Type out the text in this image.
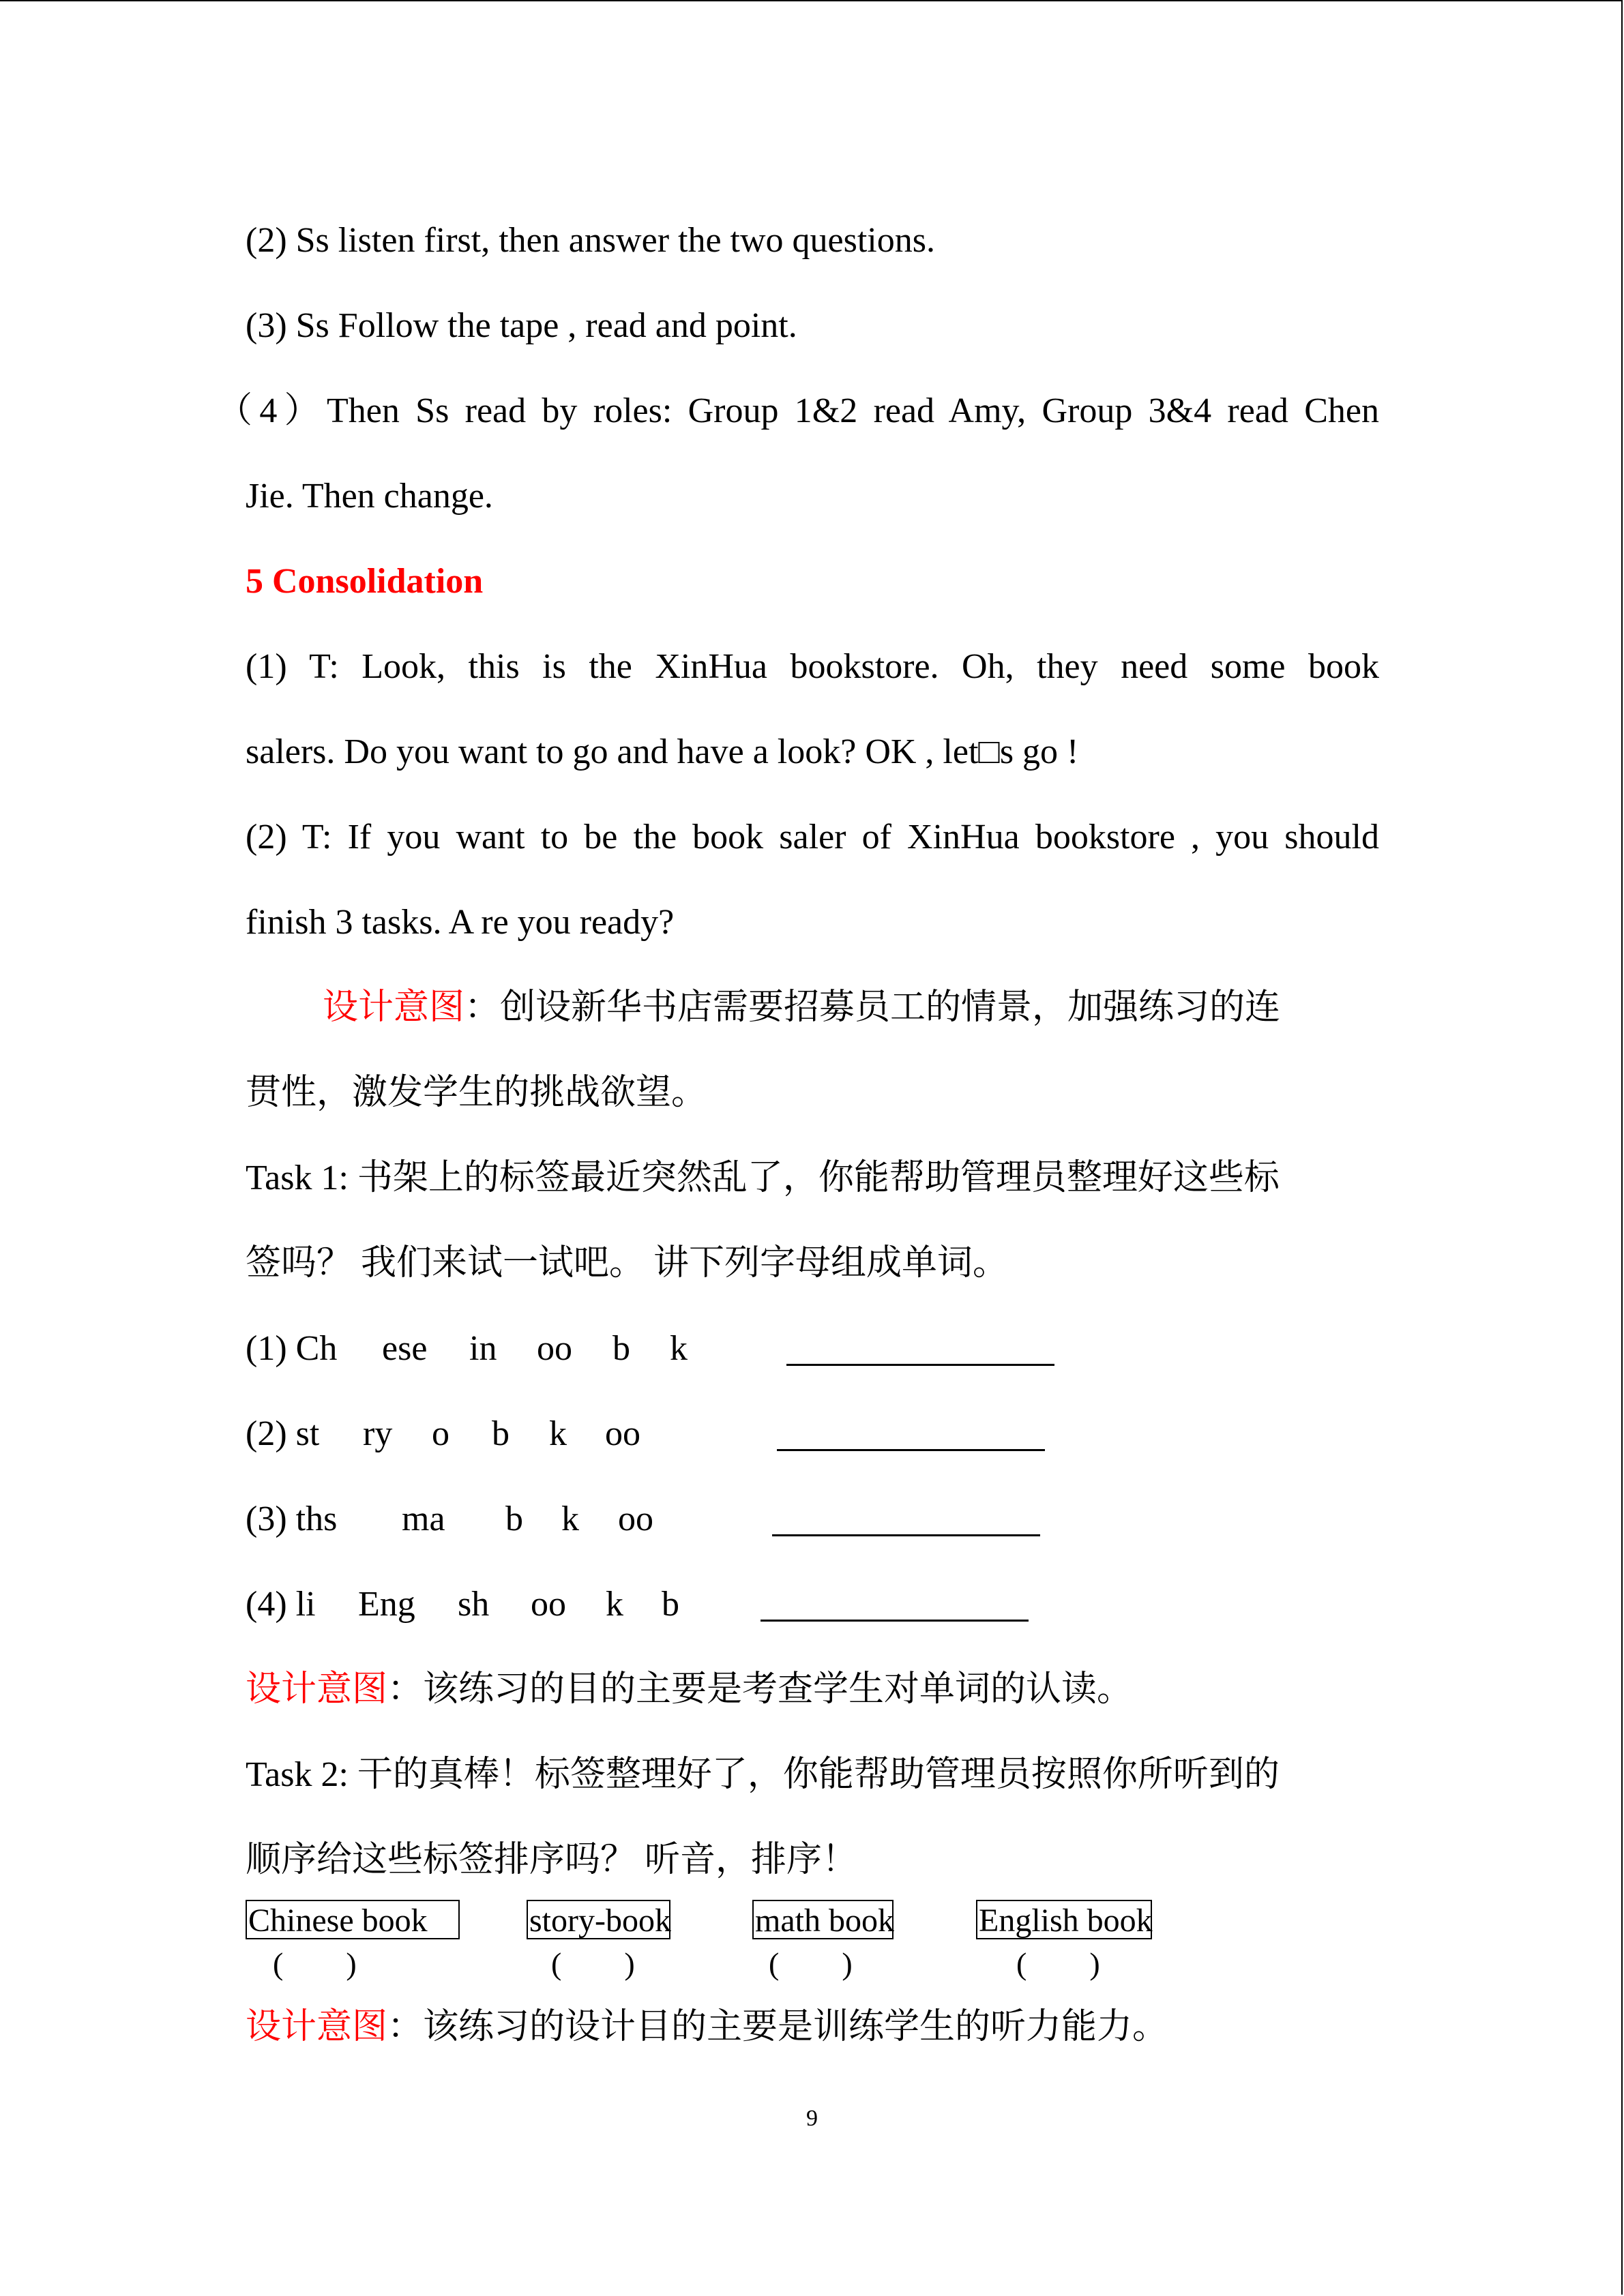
(2) Ss listen first, then answer the two questions.
(3) Ss Follow the tape , read and point.
（4）Then Ss read by roles: Group 1&2 read Amy, Group 3&4 read Chen
Jie. Then change.
5 Consolidation
(1) T: Look, this is the XinHua bookstore. Oh, they need some book
salers. Do you want to go and have a look? OK , let□s go !
(2) T: If you want to be the book saler of XinHua bookstore , you should
finish 3 tasks. A re you ready?
设计意图：创设新华书店需要招募员工的情景，加强练习的连
贯性，激发学生的挑战欲望。
Task 1: 书架上的标签最近突然乱了，你能帮助管理员整理好这些标
签吗？ 我们来试一试吧。 讲下列字母组成单词。
(1) Ch ese in oo b k
(2) st ry o b k oo
(3) ths ma b k oo
(4) li Eng sh oo k b
设计意图：该练习的目的主要是考查学生对单词的认读。
Task 2: 干的真棒！标签整理好了，你能帮助管理员按照你所听到的
顺序给这些标签排序吗？ 听音，排序！
Chinese book	story-book	math book	English book
(        )	(        )	(        )	(        )
设计意图：该练习的设计目的主要是训练学生的听力能力。
9
